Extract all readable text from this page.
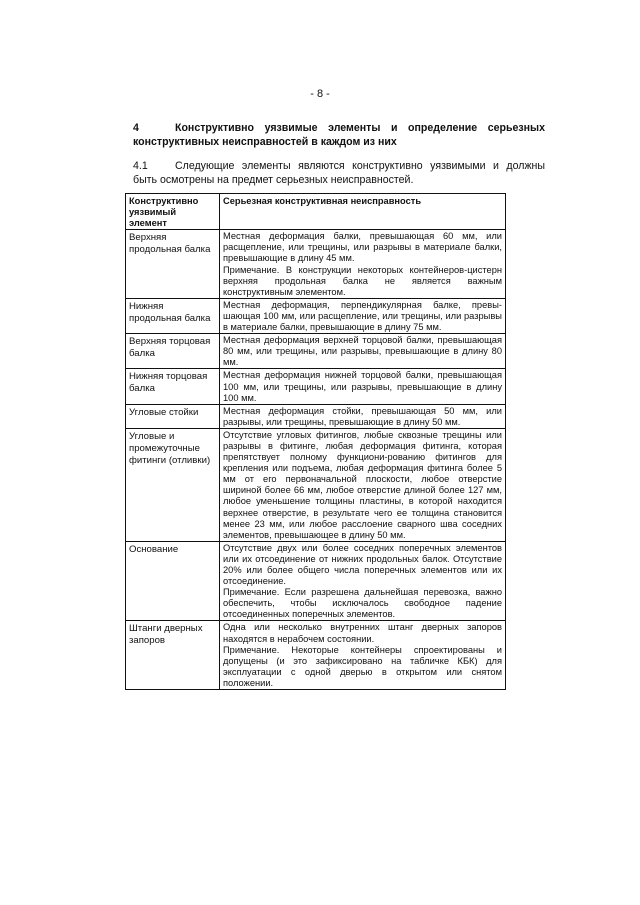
- 8 -
4	Конструктивно уязвимые элементы и определение серьезных
конструктивных неисправностей в каждом из них
4.1	Следующие элементы являются конструктивно уязвимыми и должны
быть осмотрены на предмет серьезных неисправностей.
Конструктивно уязвимый элемент	Серьезная конструктивная неисправность
Верхняя продольная балка	Местная деформация балки, превышающая 60 мм, или расщепление, или трещины, или разрывы в материале балки, превышающие в длину 45 мм.
Примечание. В конструкции некоторых контейнеров-цистерн верхняя продольная балка не является важным конструктивным элементом.

Нижняя продольная балка	Местная деформация, перпендикулярная балке, превы-шающая 100 мм, или расщепление, или трещины, или разрывы в материале балки, превышающие в длину 75 мм.

Верхняя торцовая балка	Местная деформация верхней торцовой балки, превышающая 80 мм, или трещины, или разрывы, превышающие в длину 80 мм.

Нижняя торцовая балка	Местная деформация нижней торцовой балки, превышающая 100 мм, или трещины, или разрывы, превышающие в длину 100 мм.

Угловые стойки	Местная деформация стойки, превышающая 50 мм, или разрывы, или трещины, превышающие в длину 50 мм.

Угловые и промежуточные фитинги (отливки)	Отсутствие угловых фитингов, любые сквозные трещины или разрывы в фитинге, любая деформация фитинга, которая препятствует полному функциони-рованию фитингов для крепления или подъема, любая деформация фитинга более 5 мм от его первоначальной плоскости, любое отверстие шириной более 66 мм, любое отверстие длиной более 127 мм, любое уменьшение толщины пластины, в которой находится верхнее отверстие, в результате чего ее толщина становится менее 23 мм, или любое расслоение сварного шва соседних элементов, превышающее в длину 50 мм.

Основание	Отсутствие двух или более соседних поперечных элементов или их отсоединение от нижних продольных балок. Отсутствие 20% или более общего числа поперечных элементов или их отсоединение.
Примечание. Если разрешена дальнейшая перевозка, важно обеспечить, чтобы исключалось свободное падение отсоединенных поперечных элементов.

Штанги дверных запоров	Одна или несколько внутренних штанг дверных запоров находятся в нерабочем состоянии.
Примечание. Некоторые контейнеры спроектированы и допущены (и это зафиксировано на табличке КБК) для эксплуатации с одной дверью в открытом или снятом положении.
